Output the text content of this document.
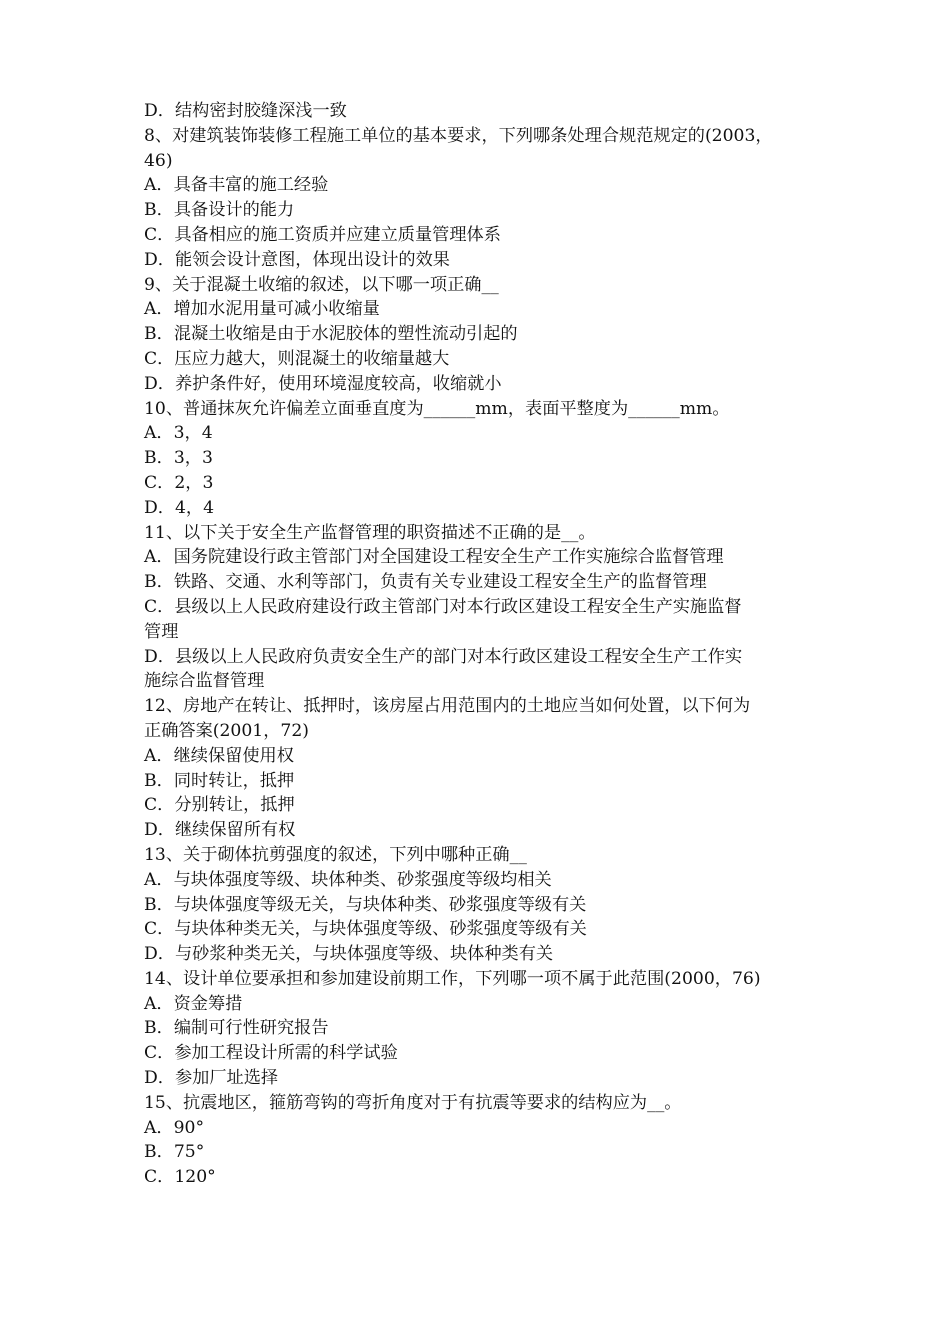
D．结构密封胶缝深浅一致
8、对建筑装饰装修工程施工单位的基本要求，下列哪条处理合规范规定的(2003，
46)
A．具备丰富的施工经验
B．具备设计的能力
C．具备相应的施工资质并应建立质量管理体系
D．能领会设计意图，体现出设计的效果
9、关于混凝土收缩的叙述，以下哪一项正确__
A．增加水泥用量可减小收缩量
B．混凝土收缩是由于水泥胶体的塑性流动引起的
C．压应力越大，则混凝土的收缩量越大
D．养护条件好，使用环境湿度较高，收缩就小
10、普通抹灰允许偏差立面垂直度为______mm，表面平整度为______mm。
A．3，4
B．3，3
C．2，3
D．4，4
11、以下关于安全生产监督管理的职资描述不正确的是__。
A．国务院建设行政主管部门对全国建设工程安全生产工作实施综合监督管理
B．铁路、交通、水利等部门，负责有关专业建设工程安全生产的监督管理
C．县级以上人民政府建设行政主管部门对本行政区建设工程安全生产实施监督
管理
D．县级以上人民政府负责安全生产的部门对本行政区建设工程安全生产工作实
施综合监督管理
12、房地产在转让、抵押时，该房屋占用范围内的土地应当如何处置，以下何为
正确答案(2001，72)
A．继续保留使用权
B．同时转让，抵押
C．分别转让，抵押
D．继续保留所有权
13、关于砌体抗剪强度的叙述，下列中哪种正确__
A．与块体强度等级、块体种类、砂浆强度等级均相关
B．与块体强度等级无关，与块体种类、砂浆强度等级有关
C．与块体种类无关，与块体强度等级、砂浆强度等级有关
D．与砂浆种类无关，与块体强度等级、块体种类有关
14、设计单位要承担和参加建设前期工作，下列哪一项不属于此范围(2000，76)
A．资金筹措
B．编制可行性研究报告
C．参加工程设计所需的科学试验
D．参加厂址选择
15、抗震地区，箍筋弯钩的弯折角度对于有抗震等要求的结构应为__。
A．90°
B．75°
C．120°
